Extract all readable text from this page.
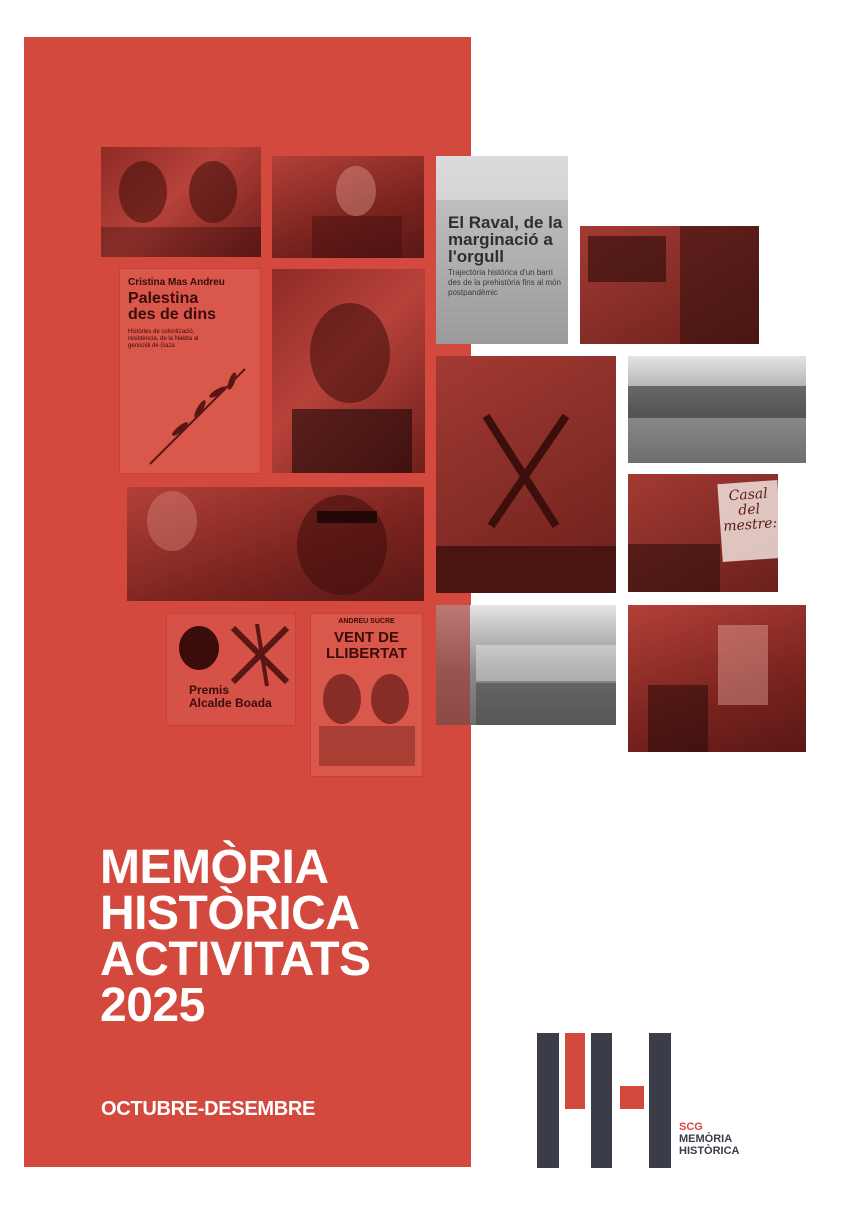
El Raval, de la marginació a l'orgull
Trajectòria històrica d'un barri des de la prehistòria fins al món postpandèmic
Cristina Mas Andreu
Palestina
des de dins
Històries de colonització, resistència, de la Nakba al genocidi de Gaza
Casal del
mestre:
Premis
Alcalde Boada
ANDREU SUCRE
VENT DE
LLIBERTAT
MEMÒRIA
HISTÒRICA
ACTIVITATS
2025

OCTUBRE-DESEMBRE

SCG
MEMÒRIA
HISTÒRICA
